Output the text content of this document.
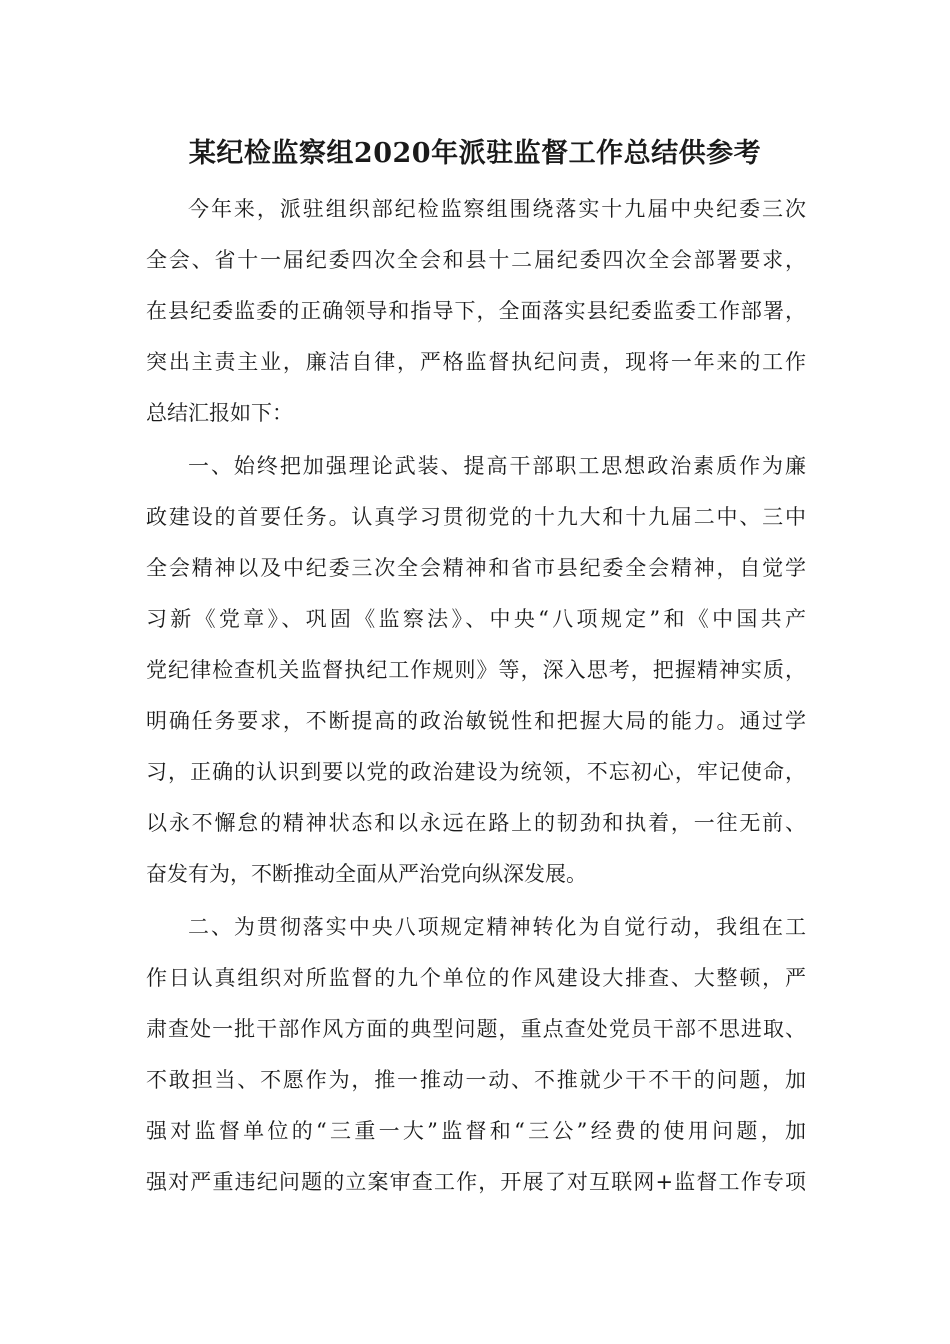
某纪检监察组2020年派驻监督工作总结供参考
今年来，派驻组织部纪检监察组围绕落实十九届中央纪委三次
全会、省十一届纪委四次全会和县十二届纪委四次全会部署要求，
在县纪委监委的正确领导和指导下，全面落实县纪委监委工作部署，
突出主责主业，廉洁自律，严格监督执纪问责，现将一年来的工作
总结汇报如下：
一、始终把加强理论武装、提高干部职工思想政治素质作为廉
政建设的首要任务。认真学习贯彻党的十九大和十九届二中、三中
全会精神以及中纪委三次全会精神和省市县纪委全会精神，自觉学
习新《党章》、巩固《监察法》、中央“八项规定”和《中国共产
党纪律检查机关监督执纪工作规则》等，深入思考，把握精神实质，
明确任务要求，不断提高的政治敏锐性和把握大局的能力。通过学
习，正确的认识到要以党的政治建设为统领，不忘初心，牢记使命，
以永不懈怠的精神状态和以永远在路上的韧劲和执着，一往无前、
奋发有为，不断推动全面从严治党向纵深发展。
二、为贯彻落实中央八项规定精神转化为自觉行动，我组在工
作日认真组织对所监督的九个单位的作风建设大排查、大整顿，严
肃查处一批干部作风方面的典型问题，重点查处党员干部不思进取、
不敢担当、不愿作为，推一推动一动、不推就少干不干的问题，加
强对监督单位的“三重一大”监督和“三公”经费的使用问题，加
强对严重违纪问题的立案审查工作，开展了对互联网+监督工作专项
